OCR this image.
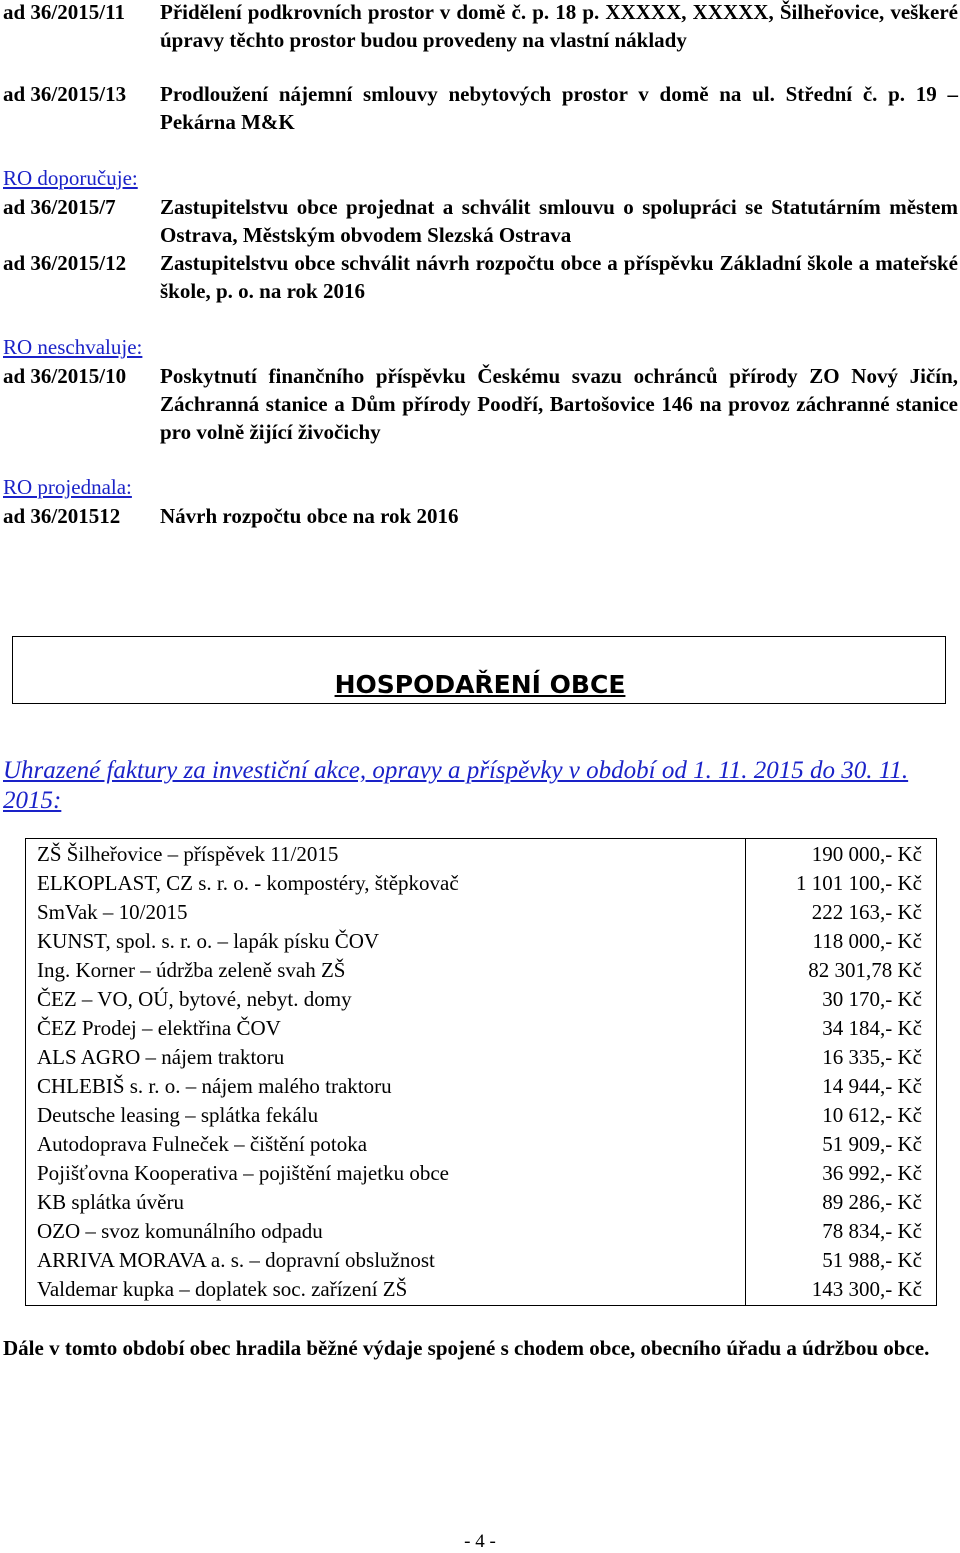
ad 36/2015/11 Přidělení podkrovních prostor v domě č. p. 18 p. XXXXX, XXXXX, Šilheřovice, veškeré úpravy těchto prostor budou provedeny na vlastní náklady
ad 36/2015/13 Prodloužení nájemní smlouvy nebytových prostor v domě na ul. Střední č. p. 19 – Pekárna M&K
RO doporučuje:
ad 36/2015/7 Zastupitelstvu obce projednat a schválit smlouvu o spolupráci se Statutárním městem Ostrava, Městským obvodem Slezská Ostrava
ad 36/2015/12 Zastupitelstvu obce schválit návrh rozpočtu obce a příspěvku Základní škole a mateřské škole, p. o. na rok 2016
RO neschvaluje:
ad 36/2015/10 Poskytnutí finančního příspěvku Českému svazu ochránců přírody ZO Nový Jičín, Záchranná stanice a Dům přírody Poodří, Bartošovice 146 na provoz záchranné stanice pro volně žijící živočichy
RO projednala:
ad 36/201512 Návrh rozpočtu obce na rok 2016
HOSPODAŘENÍ OBCE
Uhrazené faktury za investiční akce, opravy a příspěvky v období od 1. 11. 2015 do 30. 11. 2015:
ZŠ Šilheřovice – příspěvek 11/2015	190 000,- Kč
ELKOPLAST, CZ s. r. o. - kompostéry, štěpkovač	1 101 100,- Kč
SmVak – 10/2015	222 163,- Kč
KUNST, spol. s. r. o. – lapák písku ČOV	118 000,- Kč
Ing. Korner – údržba zeleně svah ZŠ	82 301,78 Kč
ČEZ – VO, OÚ, bytové, nebyt. domy	30 170,- Kč
ČEZ Prodej – elektřina ČOV	34 184,- Kč
ALS AGRO – nájem traktoru	16 335,- Kč
CHLEBIŠ s. r. o. – nájem malého traktoru	14 944,- Kč
Deutsche leasing – splátka fekálu	10 612,- Kč
Autodoprava Fulneček – čištění potoka	51 909,- Kč
Pojišťovna Kooperativa – pojištění majetku obce	36 992,- Kč
KB splátka úvěru	89 286,- Kč
OZO – svoz komunálního odpadu	78 834,- Kč
ARRIVA MORAVA a. s. – dopravní obslužnost	51 988,- Kč
Valdemar kupka – doplatek soc. zařízení ZŠ	143 300,- Kč
Dále v tomto období obec hradila běžné výdaje spojené s chodem obce, obecního úřadu a údržbou obce.
- 4 -
